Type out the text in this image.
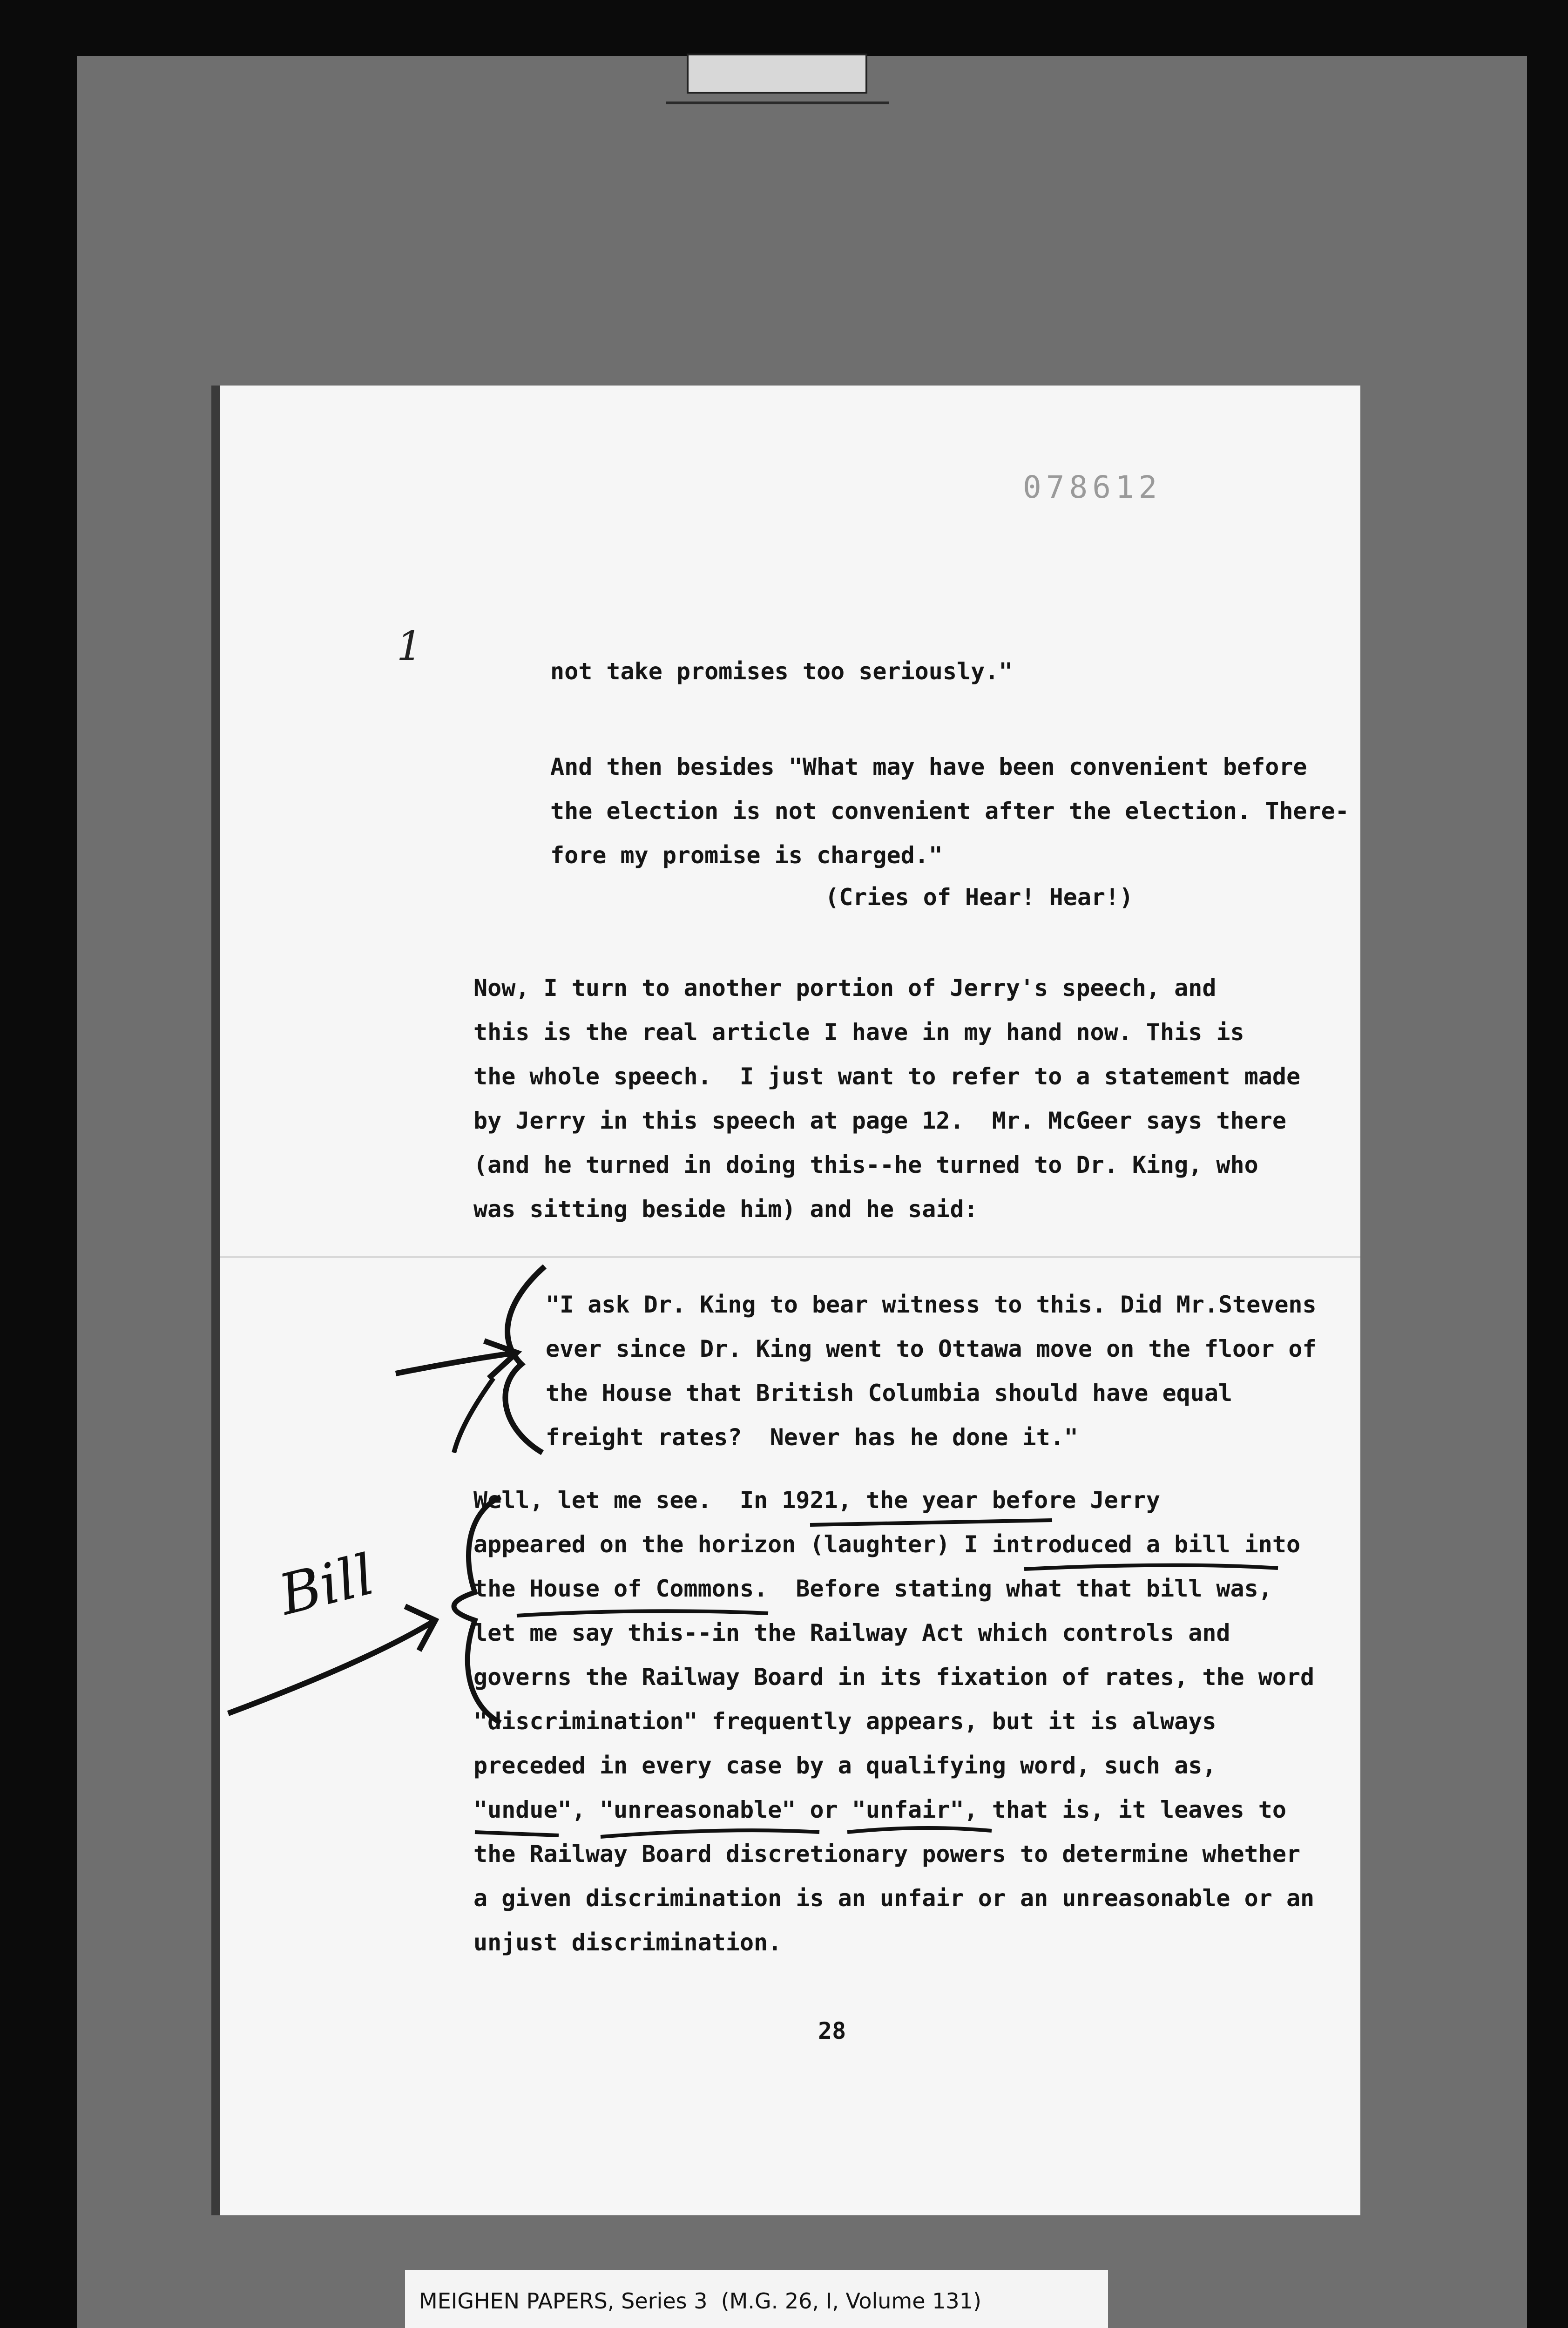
078612
1
not take promises too seriously."
And then besides "What may have been convenient before
the election is not convenient after the election. There-
fore my promise is charged."
(Cries of Hear! Hear!)
Now, I turn to another portion of Jerry's speech, and
this is the real article I have in my hand now. This is
the whole speech.  I just want to refer to a statement made
by Jerry in this speech at page 12.  Mr. McGeer says there
(and he turned in doing this--he turned to Dr. King, who
was sitting beside him) and he said:
"I ask Dr. King to bear witness to this. Did Mr.Stevens
ever since Dr. King went to Ottawa move on the floor of
the House that British Columbia should have equal
freight rates?  Never has he done it."
Well, let me see.  In 1921, the year before Jerry
appeared on the horizon (laughter) I introduced a bill into
the House of Commons.  Before stating what that bill was,
let me say this--in the Railway Act which controls and
governs the Railway Board in its fixation of rates, the word
"discrimination" frequently appears, but it is always
preceded in every case by a qualifying word, such as,
"undue", "unreasonable" or "unfair", that is, it leaves to
the Railway Board discretionary powers to determine whether
a given discrimination is an unfair or an unreasonable or an
unjust discrimination.
28
Bill
MEIGHEN PAPERS, Series 3  (M.G. 26, I, Volume 131)
